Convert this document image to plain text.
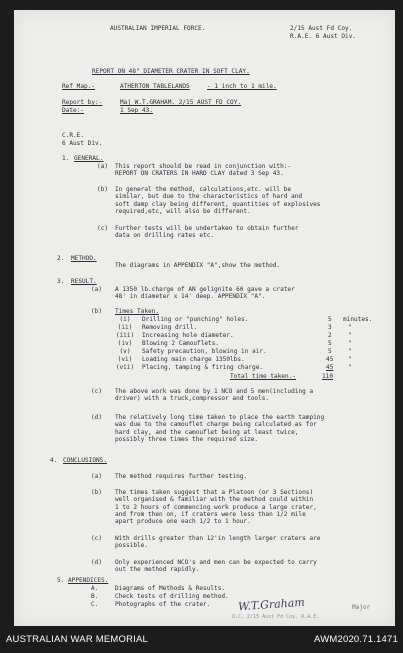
AUSTRALIAN IMPERIAL FORCE.	2/15 Aust Fd Coy.
R.A.E. 6 Aust Div.
REPORT ON 48" DIAMETER CRATER IN SOFT CLAY.
Ref Map.-	ATHERTON TABLELANDS	- 1 inch to 1 mile.
Report by:-	Maj W.T.GRAHAM. 2/15 AUST FD COY.
Date:-	1 Sep 43.
C.R.E.
6 Aust Div.
1. GENERAL.
(a) This report should be read in conjunction with:-
REPORT ON CRATERS IN HARD CLAY dated 3 Sep 43.
(b) In general the method, calculations,etc. will be
similar, but due to the characteristics of hard and
soft damp clay being different, quantities of explosives
required,etc, will also be different.
(c) Further tests will be undertaken to obtain further
data on drilling rates etc.
2. METHOD.
The diagrams in APPENDIX "A",show the method.
3. RESULT.
(a) A 1350 lb.charge of AN gelignite 60 gave a crater
48' in diameter x 14' deep. APPENDIX "A".
(b) Times Taken.
(i)	Drilling or "punching" holes.	5 minutes.
(ii)	Removing drill.	3	"
(iii)	Increasing hole diameter.	2	"
(iv)	Blowing 2 Camouflets.	5	"
(v)	Safety precaution, blowing in air.	5	"
(vi)	Loading main charge 1350lbs.	45 "
(vii)	Placing, tamping & firing charge.	45 "
Total time taken.-	110
(c) The above work was done by 1 NCO and 5 men(including a
driver) with a truck,compressor and tools.
(d) The relatively long time taken to place the earth tamping
was due to the camouflet charge being calculated as for
hard clay, and the camouflet being at least twice,
possibly three times the required size.
4. CONCLUSIONS.
(a) The method requires further testing.
(b) The times taken suggest that a Platoon (or 3 Sections)
well organised & familiar with the method could within
1 to 2 hours of commencing work produce a large crater,
and from then on, if craters were less than 1/2 mile
apart produce one each 1/2 to 1 hour.
(c) With drills greater than 12'in length larger craters are
possible.
(d) Only experienced NCO's and men can be expected to carry
out the method rapidly.
5. APPENDICES.
A.	Diagrams of Methods & Results.
B.	Check tests of drilling method.
C.	Photographs of the crater. W.T.Graham	Major
O.C. 2/15 Aust Fd Coy. R.A.E.
AUSTRALIAN WAR MEMORIAL	AWM2020.71.1471
